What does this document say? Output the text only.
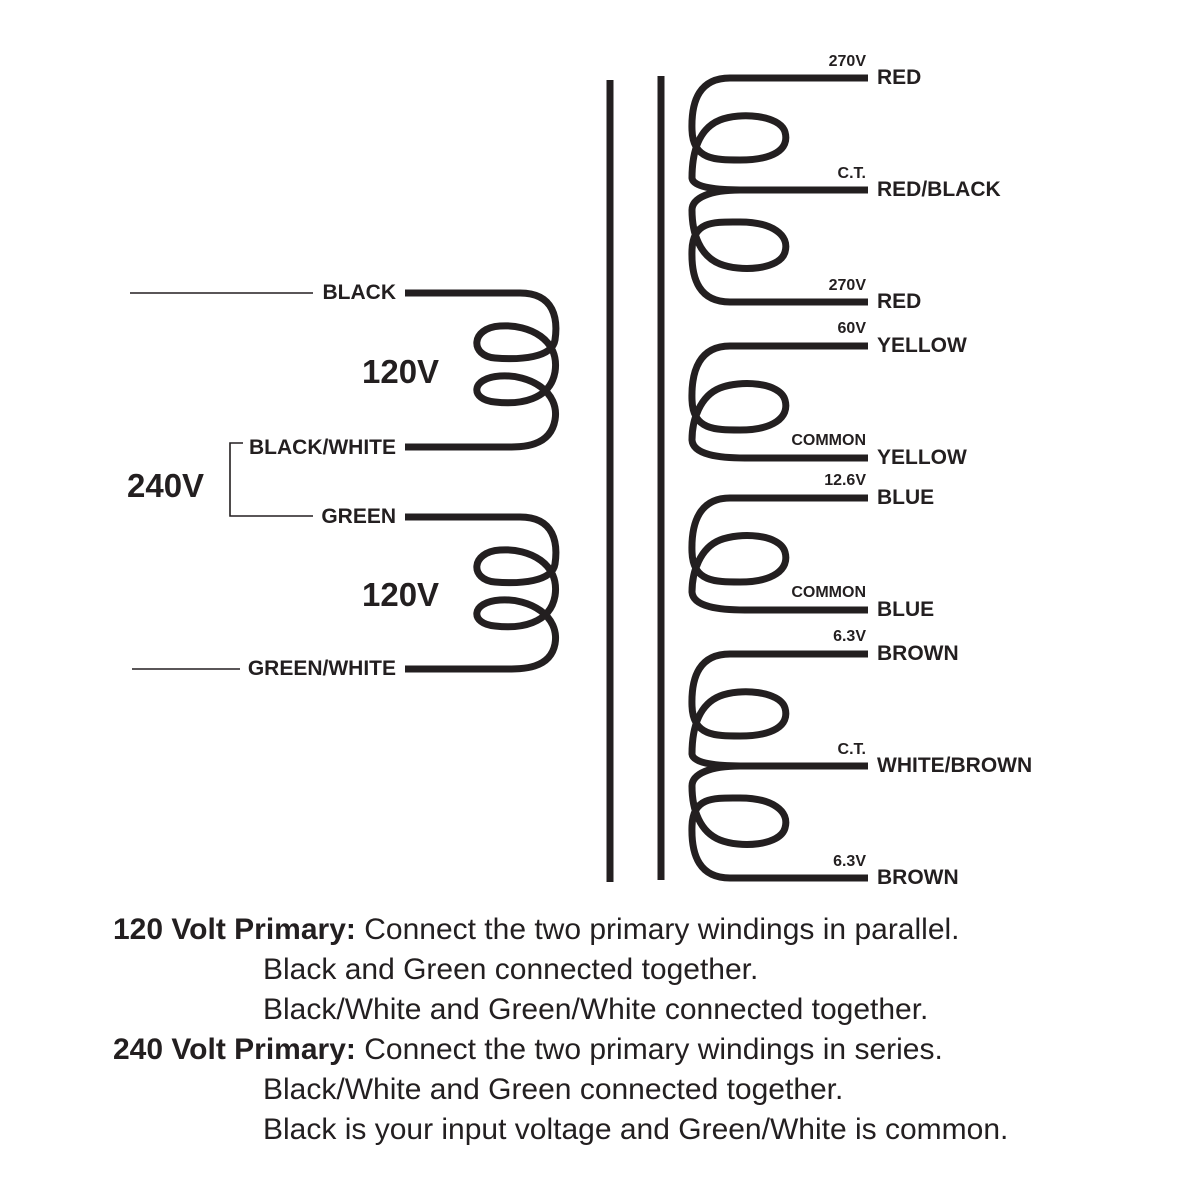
BLACK
BLACK/WHITE
120V
GREEN
GREEN/WHITE
120V
240V
270V
RED
C.T.
RED/BLACK
270V
RED
60V
YELLOW
COMMON
YELLOW
12.6V
BLUE
COMMON
BLUE
6.3V
BROWN
C.T.
WHITE/BROWN
6.3V
BROWN
120 Volt Primary: Connect the two primary windings in parallel.
Black and Green connected together.
Black/White and Green/White connected together.
240 Volt Primary: Connect the two primary windings in series.
Black/White and Green connected together.
Black is your input voltage and Green/White is common.
